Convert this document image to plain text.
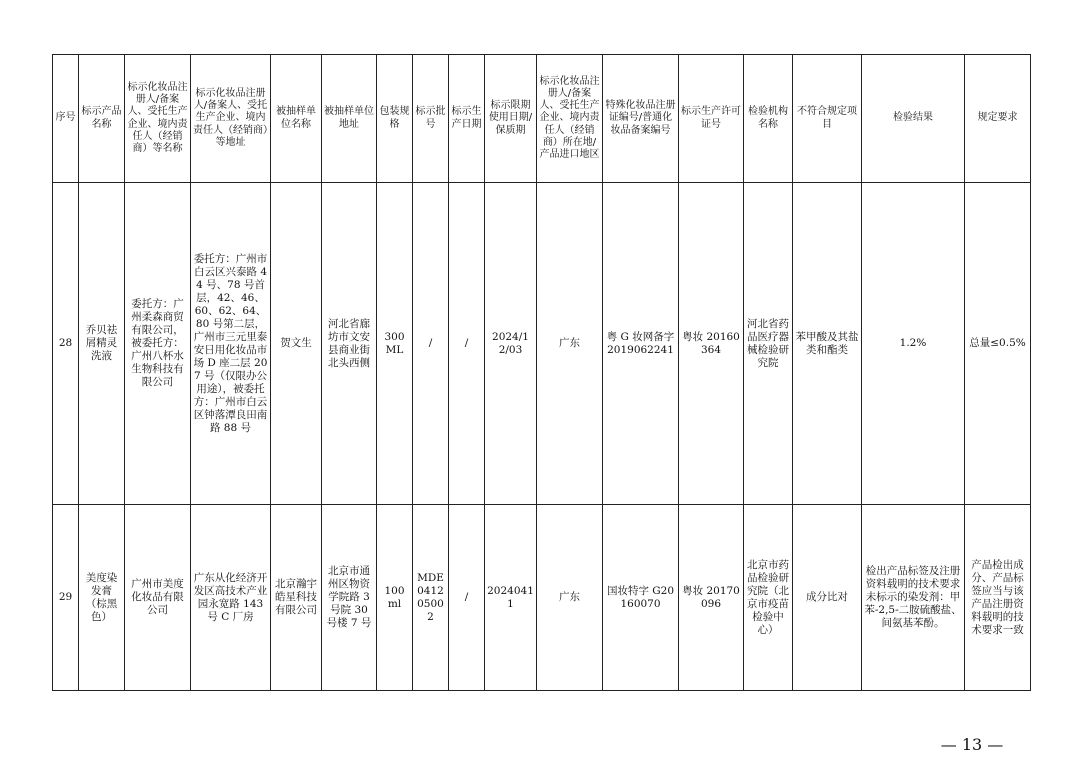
序号	标示产品名称	标示化妆品注册人/备案人、受托生产企业、境内责任人（经销商）等名称	标示化妆品注册人/备案人、受托生产企业、境内责任人（经销商）等地址	被抽样单位名称	被抽样单位地址	包装规格	标示批号	标示生产日期	标示限期使用日期/保质期	标示化妆品注册人/备案人、受托生产企业、境内责任人（经销商）所在地/产品进口地区	特殊化妆品注册证编号/普通化妆品备案编号	标示生产许可证号	检验机构名称	不符合规定项目	检验结果	规定要求
28	乔贝祛屑精灵洗液	委托方：广州柔森商贸有限公司，被委托方：广州八杯水生物科技有限公司	委托方：广州市白云区兴泰路 44 号、78 号首层，42、46、60、62、64、80 号第二层，广州市三元里泰安日用化妆品市场 D 座二层 207 号（仅限办公用途），被委托方：广州市白云区钟落潭良田南路 88 号	贺文生	河北省廊坊市文安县商业街北头西侧	300 ML	/	/	2024/12/03	广东	粤 G 妆网备字 2019062241	粤妆 20160364	河北省药品医疗器械检验研究院	苯甲酸及其盐类和酯类	1.2%	总量≤0.5%
29	美度染发膏（棕黑色）	广州市美度化妆品有限公司	广东从化经济开发区高技术产业园永宽路 143 号 C 厂房	北京瀚宇皓星科技有限公司	北京市通州区物资学院路 3 号院 30 号楼 7 号	100 ml	MDE041205002	/	20240411	广东	国妆特字 G20160070	粤妆 20170096	北京市药品检验研究院（北京市疫苗检验中心）	成分比对	检出产品标签及注册资料载明的技术要求未标示的染发剂：甲苯-2,5-二胺硫酸盐、间氨基苯酚。	产品检出成分、产品标签应当与该产品注册资料载明的技术要求一致
— 13 —
